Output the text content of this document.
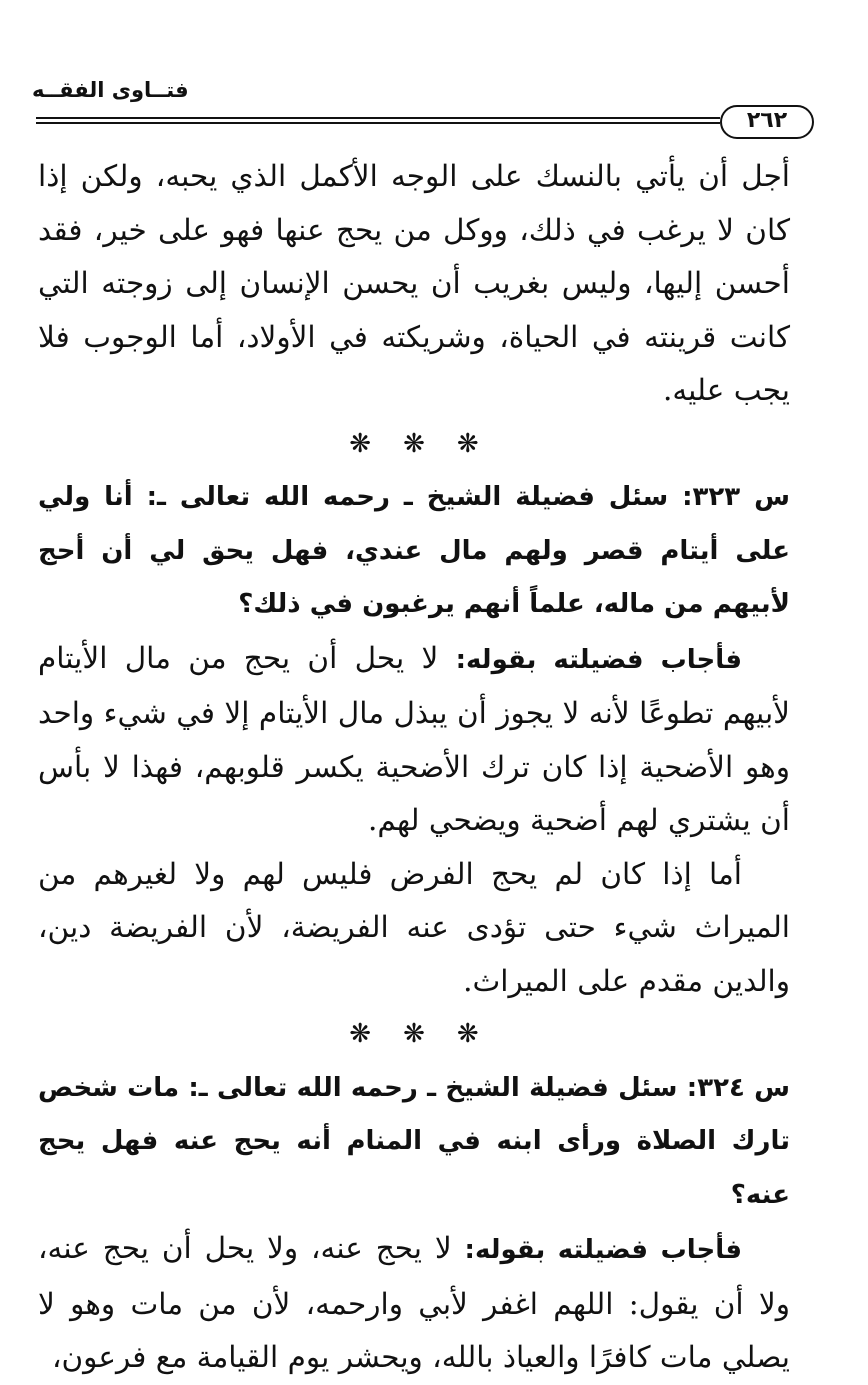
فتــاوى الفقــه
٢٦٢

أجل أن يأتي بالنسك على الوجه الأكمل الذي يحبه، ولكن إذا كان لا يرغب في ذلك، ووكل من يحج عنها فهو على خير، فقد أحسن إليها، وليس بغريب أن يحسن الإنسان إلى زوجته التي كانت قرينته في الحياة، وشريكته في الأولاد، أما الوجوب فلا يجب عليه.

❋ ❋ ❋

س ٣٢٣: سئل فضيلة الشيخ ـ رحمه الله تعالى ـ: أنا ولي على أيتام قصر ولهم مال عندي، فهل يحق لي أن أحج لأبيهم من ماله، علماً أنهم يرغبون في ذلك؟

فأجاب فضيلته بقوله: لا يحل أن يحج من مال الأيتام لأبيهم تطوعًا لأنه لا يجوز أن يبذل مال الأيتام إلا في شيء واحد وهو الأضحية إذا كان ترك الأضحية يكسر قلوبهم، فهذا لا بأس أن يشتري لهم أضحية ويضحي لهم.

أما إذا كان لم يحج الفرض فليس لهم ولا لغيرهم من الميراث شيء حتى تؤدى عنه الفريضة، لأن الفريضة دين، والدين مقدم على الميراث.

❋ ❋ ❋

س ٣٢٤: سئل فضيلة الشيخ ـ رحمه الله تعالى ـ: مات شخص تارك الصلاة ورأى ابنه في المنام أنه يحج عنه فهل يحج عنه؟

فأجاب فضيلته بقوله: لا يحج عنه، ولا يحل أن يحج عنه، ولا أن يقول: اللهم اغفر لأبي وارحمه، لأن من مات وهو لا يصلي مات كافرًا والعياذ بالله، ويحشر يوم القيامة مع فرعون،
